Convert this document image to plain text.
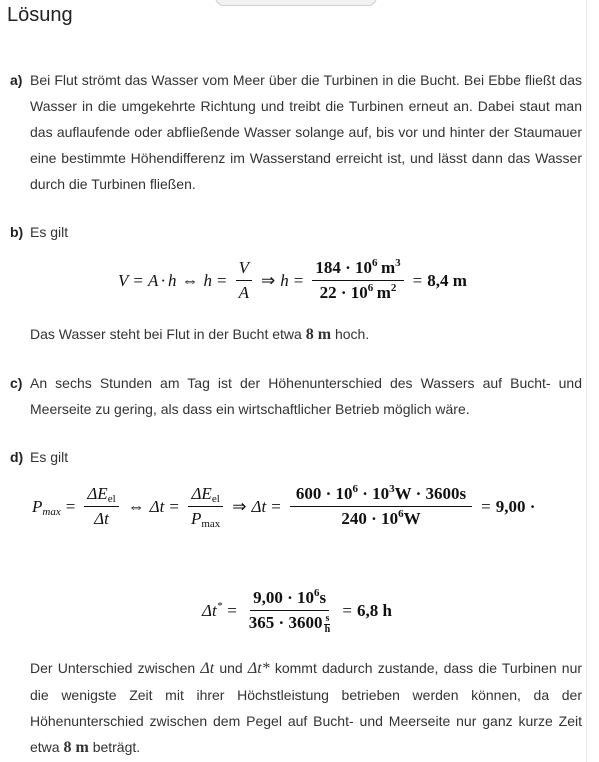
Lösung
a) Bei Flut strömt das Wasser vom Meer über die Turbinen in die Bucht. Bei Ebbe fließt das Wasser in die umgekehrte Richtung und treibt die Turbinen erneut an. Dabei staut man das auflaufende oder abfließende Wasser solange auf, bis vor und hinter der Staumauer eine bestimmte Höhendifferenz im Wasserstand erreicht ist, und lässt dann das Wasser durch die Turbinen fließen.
b) Es gilt
V = A · h ⇔ $h = \frac{V}{A}$ ⇒ $h = \frac{184 \cdot 10^6 m^3}{22 \cdot 10^6 m^2} = 8,4$ m
Das Wasser steht bei Flut in der Bucht etwa 8 m hoch.
c) An sechs Stunden am Tag ist der Höhenunterschied des Wassers auf Bucht- und Meerseite zu gering, als dass ein wirtschaftlicher Betrieb möglich wäre.
d) Es gilt
$P_{max} = \frac{\Delta E_{el}}{\Delta t}$ ⇔ $\Delta t = \frac{\Delta E_{el}}{P_{max}}$ ⇒ $\Delta t = \frac{600 \cdot 10^6 \cdot 10^3W \cdot 3600s}{240 \cdot 10^6W} = 9,00$ ·
$\Delta t^* = \frac{9,00 \cdot 10^6s}{365 \cdot 3600 \frac{s}{h}} = 6,8$ h
Der Unterschied zwischen Δt und Δt* kommt dadurch zustande, dass die Turbinen nur die wenigste Zeit mit ihrer Höchstleistung betrieben werden können, da der Höhenunterschied zwischen dem Pegel auf Bucht- und Meerseite nur ganz kurze Zeit etwa 8 m beträgt.
